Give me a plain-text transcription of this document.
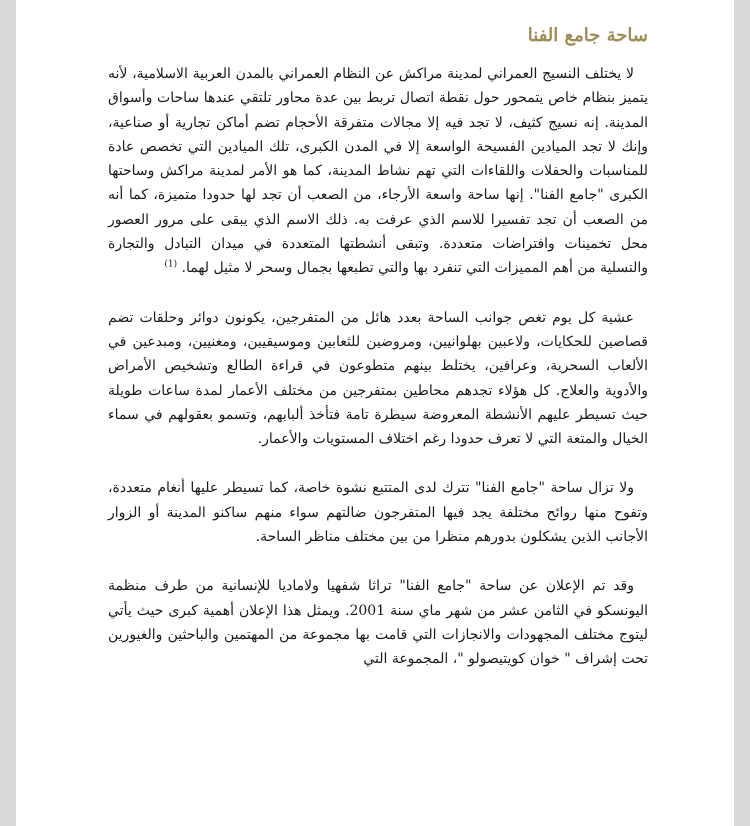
ساحة جامع الفنا

لا يختلف النسيج العمراني لمدينة مراكش عن النظام العمراني بالمدن العربية الاسلامية، لأنه يتميز بنظام خاص يتمحور حول نقطة اتصال تربط بين عدة محاور تلتقي عندها ساحات وأسواق المدينة. إنه نسيج كثيف، لا تجد فيه إلا مجالات متفرقة الأحجام تضم أماكن تجارية أو صناعية، وإنك لا تجد الميادين الفسيحة الواسعة إلا في المدن الكبرى، تلك الميادين التي تخصص عادة للمناسبات والحفلات واللقاءات التي تهم نشاط المدينة، كما هو الأمر لمدينة مراكش وساحتها الكبرى "جامع الفنا". إنها ساحة واسعة الأرجاء، من الصعب أن تجد لها حدودا متميزة، كما أنه من الصعب أن تجد تفسيرا للاسم الذي عرفت به. ذلك الاسم الذي يبقى على مرور العصور محل تخمينات وافتراضات متعددة. وتبقى أنشطتها المتعددة في ميدان التبادل والتجارة والتسلية من أهم المميزات التي تنفرد بها والتي تطبعها بجمال وسحر لا مثيل لهما. $^{(1)}$

عشية كل يوم تغص جوانب الساحة بعدد هائل من المتفرجين، يكونون دوائر وحلقات تضم قصاصين للحكايات، ولاعبين بهلوانيين، ومروضين للثعابين وموسيقيين، ومغنيين، ومبدعين في الألعاب السحرية، وعرافين، يختلط بينهم متطوعون في قراءة الطالع وتشخيص الأمراض والأدوية والعلاج. كل هؤلاء تجدهم محاطين بمتفرجين من مختلف الأعمار لمدة ساعات طويلة حيث تسيطر عليهم الأنشطة المعروضة سيطرة تامة فتأخذ ألبابهم، وتسمو بعقولهم في سماء الخيال والمتعة التي لا تعرف حدودا رغم اختلاف المستويات والأعمار.

ولا تزال ساحة "جامع الفنا" تترك لدى المتتبع نشوة خاصة، كما تسيطر عليها أنغام متعددة، وتفوح منها روائح مختلفة يجد فيها المتفرجون ضالتهم سواء منهم ساكنو المدينة أو الزوار الأجانب الذين يشكلون بدورهم منظرا من بين مختلف مناظر الساحة.

وقد تم الإعلان عن ساحة "جامع الفنا" تراثا شفهيا ولاماديا للإنسانية من طرف منظمة اليونسكو في الثامن عشر من شهر ماي سنة 2001. ويمثل هذا الإعلان أهمية كبرى حيث يأتي ليتوج مختلف المجهودات والانجازات التي قامت بها مجموعة من المهتمين والباحثين والغيورين تحت إشراف " خوان كويتيصولو "، المجموعة التي
